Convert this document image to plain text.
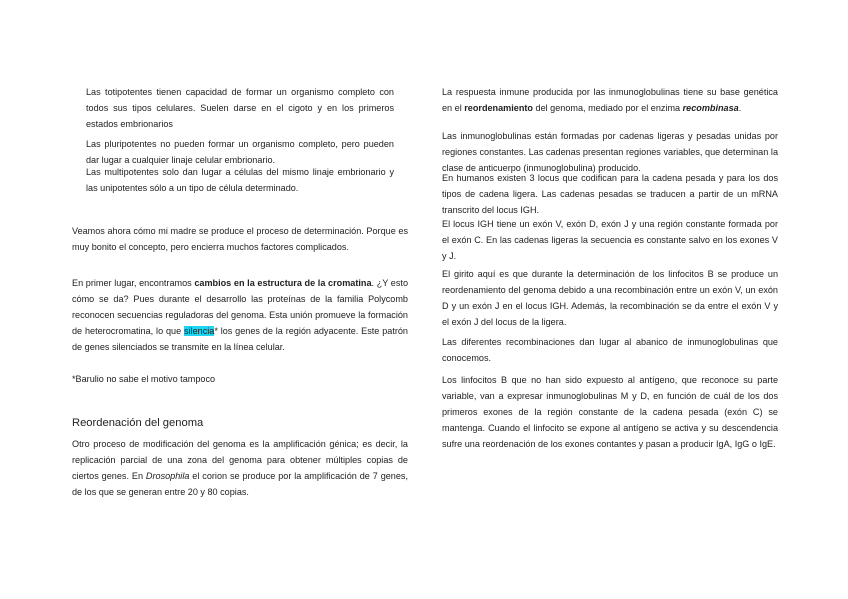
Las totipotentes tienen capacidad de formar un organismo completo con todos sus tipos celulares. Suelen darse en el cigoto y en los primeros estados embrionarios

Las pluripotentes no pueden formar un organismo completo, pero pueden dar lugar a cualquier linaje celular embrionario.

Las multipotentes solo dan lugar a células del mismo linaje embrionario y las unipotentes sólo a un tipo de célula determinado.

Veamos ahora cómo mi madre se produce el proceso de determinación. Porque es muy bonito el concepto, pero encierra muchos factores complicados.

En primer lugar, encontramos cambios en la estructura de la cromatina. ¿Y esto cómo se da? Pues durante el desarrollo las proteínas de la familia Polycomb reconocen secuencias reguladoras del genoma. Esta unión promueve la formación de heterocromatina, lo que silencia* los genes de la región adyacente. Este patrón de genes silenciados se transmite en la línea celular.

*Barulio no sabe el motivo tampoco

Reordenación del genoma

Otro proceso de modificación del genoma es la amplificación génica; es decir, la replicación parcial de una zona del genoma para obtener múltiples copias de ciertos genes. En Drosophila el corion se produce por la amplificación de 7 genes, de los que se generan entre 20 y 80 copias.

La respuesta inmune producida por las inmunoglobulinas tiene su base genética en el reordenamiento del genoma, mediado por el enzima recombinasa.

Las inmunoglobulinas están formadas por cadenas ligeras y pesadas unidas por regiones constantes. Las cadenas presentan regiones variables, que determinan la clase de anticuerpo (inmunoglobulina) producido.

En humanos existen 3 locus que codifican para la cadena pesada y para los dos tipos de cadena ligera. Las cadenas pesadas se traducen a partir de un mRNA transcrito del locus IGH.

El locus IGH tiene un exón V, exón D, exón J y una región constante formada por el exón C. En las cadenas ligeras la secuencia es constante salvo en los exones V y J.

El girito aquí es que durante la determinación de los linfocitos B se produce un reordenamiento del genoma debido a una recombinación entre un exón V, un exón D y un exón J en el locus IGH. Además, la recombinación se da entre el exón V y el exón J del locus de la ligera.

Las diferentes recombinaciones dan lugar al abanico de inmunoglobulinas que conocemos.

Los linfocitos B que no han sido expuesto al antígeno, que reconoce su parte variable, van a expresar inmunoglobulinas M y D, en función de cuál de los dos primeros exones de la región constante de la cadena pesada (exón C) se mantenga. Cuando el linfocito se expone al antígeno se activa y su descendencia sufre una reordenación de los exones contantes y pasan a producir IgA, IgG o IgE.
